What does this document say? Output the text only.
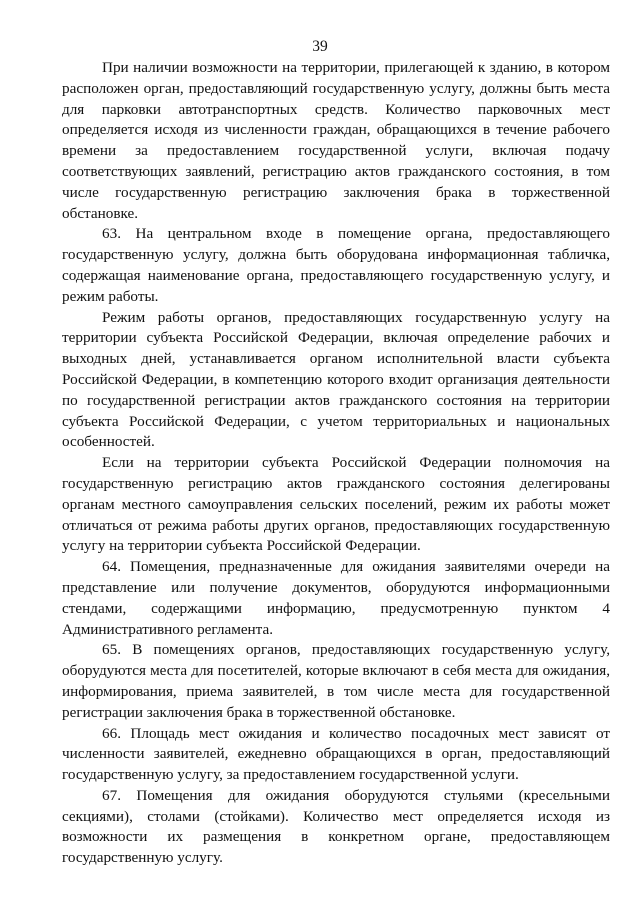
39

При наличии возможности на территории, прилегающей к зданию, в котором расположен орган, предоставляющий государственную услугу, должны быть места для парковки автотранспортных средств. Количество парковочных мест определяется исходя из численности граждан, обращающихся в течение рабочего времени за предоставлением государственной услуги, включая подачу соответствующих заявлений, регистрацию актов гражданского состояния, в том числе государственную регистрацию заключения брака в торжественной обстановке.

63. На центральном входе в помещение органа, предоставляющего государственную услугу, должна быть оборудована информационная табличка, содержащая наименование органа, предоставляющего государственную услугу, и режим работы.

Режим работы органов, предоставляющих государственную услугу на территории субъекта Российской Федерации, включая определение рабочих и выходных дней, устанавливается органом исполнительной власти субъекта Российской Федерации, в компетенцию которого входит организация деятельности по государственной регистрации актов гражданского состояния на территории субъекта Российской Федерации, с учетом территориальных и национальных особенностей.

Если на территории субъекта Российской Федерации полномочия на государственную регистрацию актов гражданского состояния делегированы органам местного самоуправления сельских поселений, режим их работы может отличаться от режима работы других органов, предоставляющих государственную услугу на территории субъекта Российской Федерации.

64. Помещения, предназначенные для ожидания заявителями очереди на представление или получение документов, оборудуются информационными стендами, содержащими информацию, предусмотренную пунктом 4 Административного регламента.

65. В помещениях органов, предоставляющих государственную услугу, оборудуются места для посетителей, которые включают в себя места для ожидания, информирования, приема заявителей, в том числе места для государственной регистрации заключения брака в торжественной обстановке.

66. Площадь мест ожидания и количество посадочных мест зависят от численности заявителей, ежедневно обращающихся в орган, предоставляющий государственную услугу, за предоставлением государственной услуги.

67. Помещения для ожидания оборудуются стульями (кресельными секциями), столами (стойками). Количество мест определяется исходя из возможности их размещения в конкретном органе, предоставляющем государственную услугу.
